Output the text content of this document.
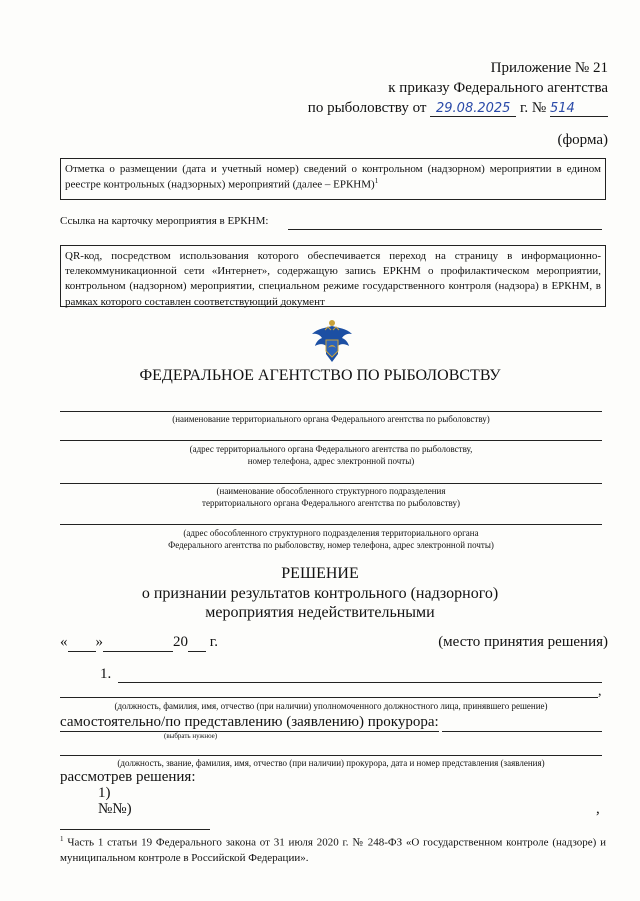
Приложение № 21
к приказу Федерального агентства
по рыболовству от 29.08.2025 г. № 514
(форма)
Отметка о размещении (дата и учетный номер) сведений о контрольном (надзорном) мероприятии в едином реестре контрольных (надзорных) мероприятий (далее – ЕРКНМ)$^1$
Ссылка на карточку мероприятия в ЕРКНМ:
QR-код, посредством использования которого обеспечивается переход на страницу в информационно-телекоммуникационной сети «Интернет», содержащую запись ЕРКНМ о профилактическом мероприятии, контрольном (надзорном) мероприятии, специальном режиме государственного контроля (надзора) в ЕРКНМ, в рамках которого составлен соответствующий документ
ФЕДЕРАЛЬНОЕ АГЕНТСТВО ПО РЫБОЛОВСТВУ
(наименование территориального органа Федерального агентства по рыболовству)
(адрес территориального органа Федерального агентства по рыболовству,
номер телефона, адрес электронной почты)
(наименование обособленного структурного подразделения
территориального органа Федерального агентства по рыболовству)
(адрес обособленного структурного подразделения территориального органа
Федерального агентства по рыболовству, номер телефона, адрес электронной почты)
РЕШЕНИЕ
о признании результатов контрольного (надзорного)
мероприятия недействительными
« »	20 г.	(место принятия решения)
1.
,
(должность, фамилия, имя, отчество (при наличии) уполномоченного должностного лица, принявшего решение)
самостоятельно/по представлению (заявлению) прокурора:
(выбрать нужное)
(должность, звание, фамилия, имя, отчество (при наличии) прокурора, дата и номер представления (заявления)
рассмотрев решения:
1)
№№)	,
$^1$ Часть 1 статьи 19 Федерального закона от 31 июля 2020 г. № 248-ФЗ «О государственном контроле (надзоре) и муниципальном контроле в Российской Федерации».
